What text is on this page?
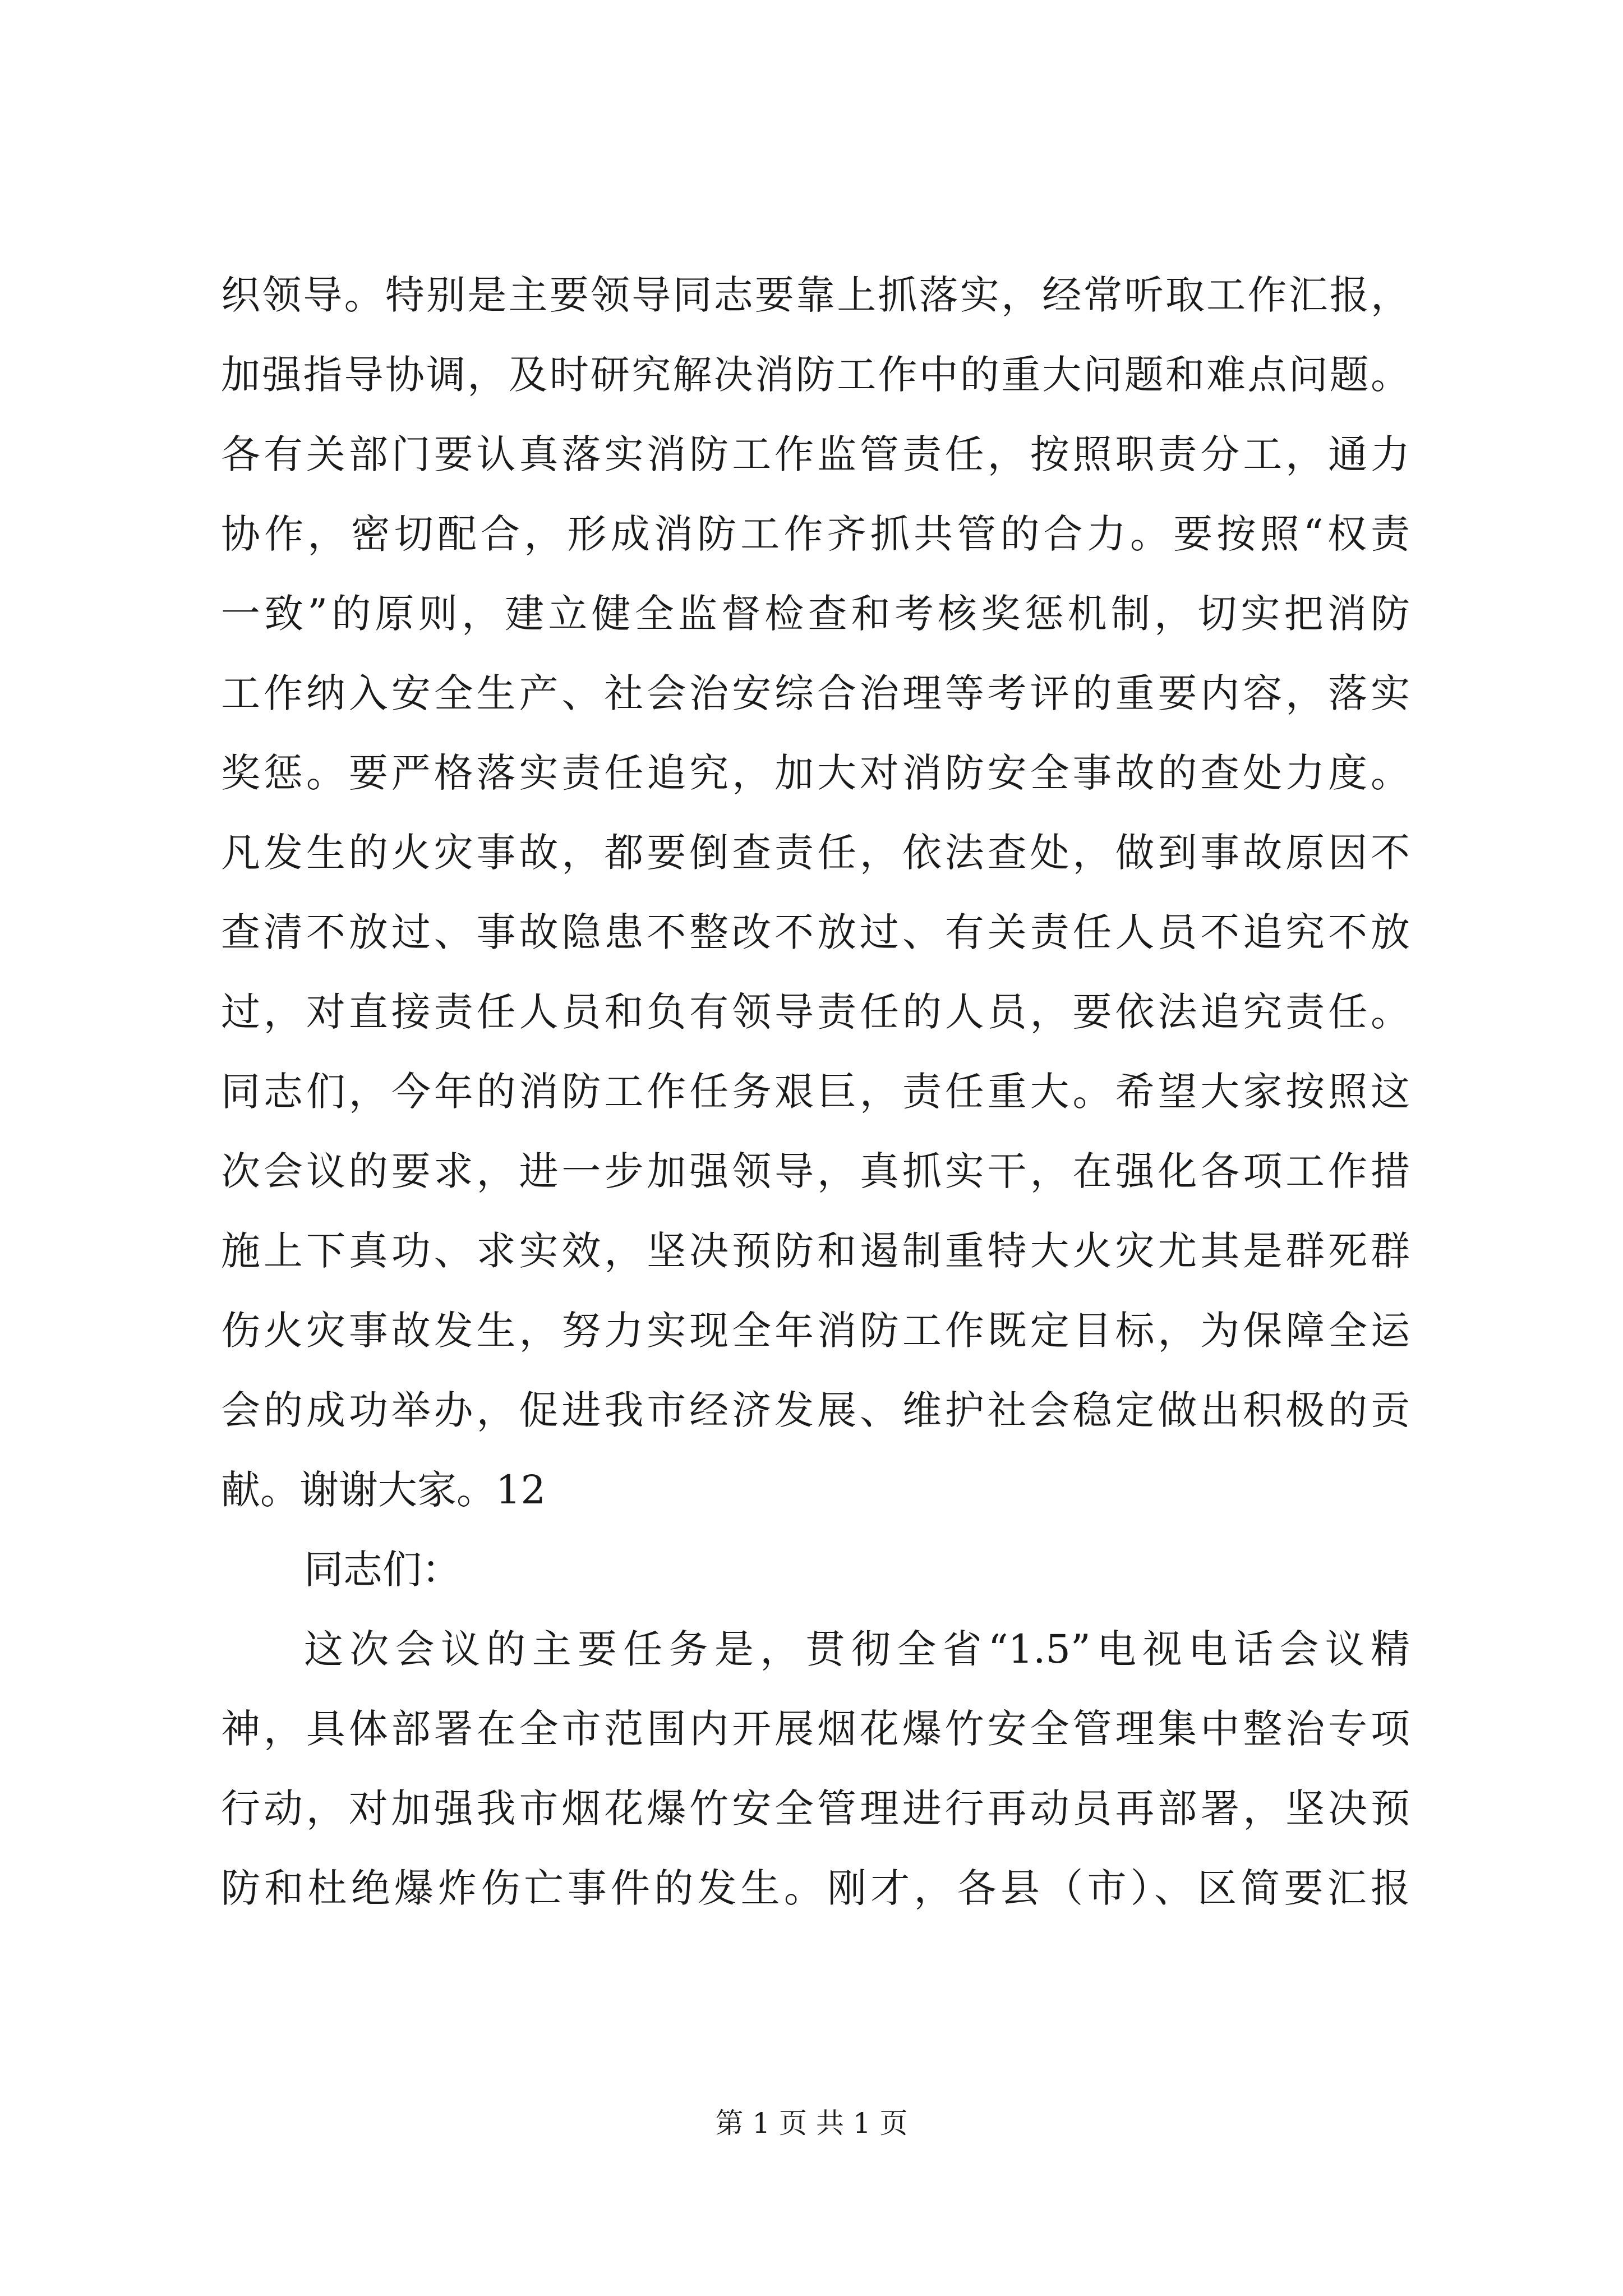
织领导。特别是主要领导同志要靠上抓落实，经常听取工作汇报，
加强指导协调，及时研究解决消防工作中的重大问题和难点问题。
各有关部门要认真落实消防工作监管责任，按照职责分工，通力
协作，密切配合，形成消防工作齐抓共管的合力。要按照“权责
一致”的原则，建立健全监督检查和考核奖惩机制，切实把消防
工作纳入安全生产、社会治安综合治理等考评的重要内容，落实
奖惩。要严格落实责任追究，加大对消防安全事故的查处力度。
凡发生的火灾事故，都要倒查责任，依法查处，做到事故原因不
查清不放过、事故隐患不整改不放过、有关责任人员不追究不放
过，对直接责任人员和负有领导责任的人员，要依法追究责任。
同志们，今年的消防工作任务艰巨，责任重大。希望大家按照这
次会议的要求，进一步加强领导，真抓实干，在强化各项工作措
施上下真功、求实效，坚决预防和遏制重特大火灾尤其是群死群
伤火灾事故发生，努力实现全年消防工作既定目标，为保障全运
会的成功举办，促进我市经济发展、维护社会稳定做出积极的贡
献。谢谢大家。12
同志们：
这次会议的主要任务是，贯彻全省“1.5”电视电话会议精
神，具体部署在全市范围内开展烟花爆竹安全管理集中整治专项
行动，对加强我市烟花爆竹安全管理进行再动员再部署，坚决预
防和杜绝爆炸伤亡事件的发生。刚才，各县（市）、区简要汇报
第 1 页 共 1 页
